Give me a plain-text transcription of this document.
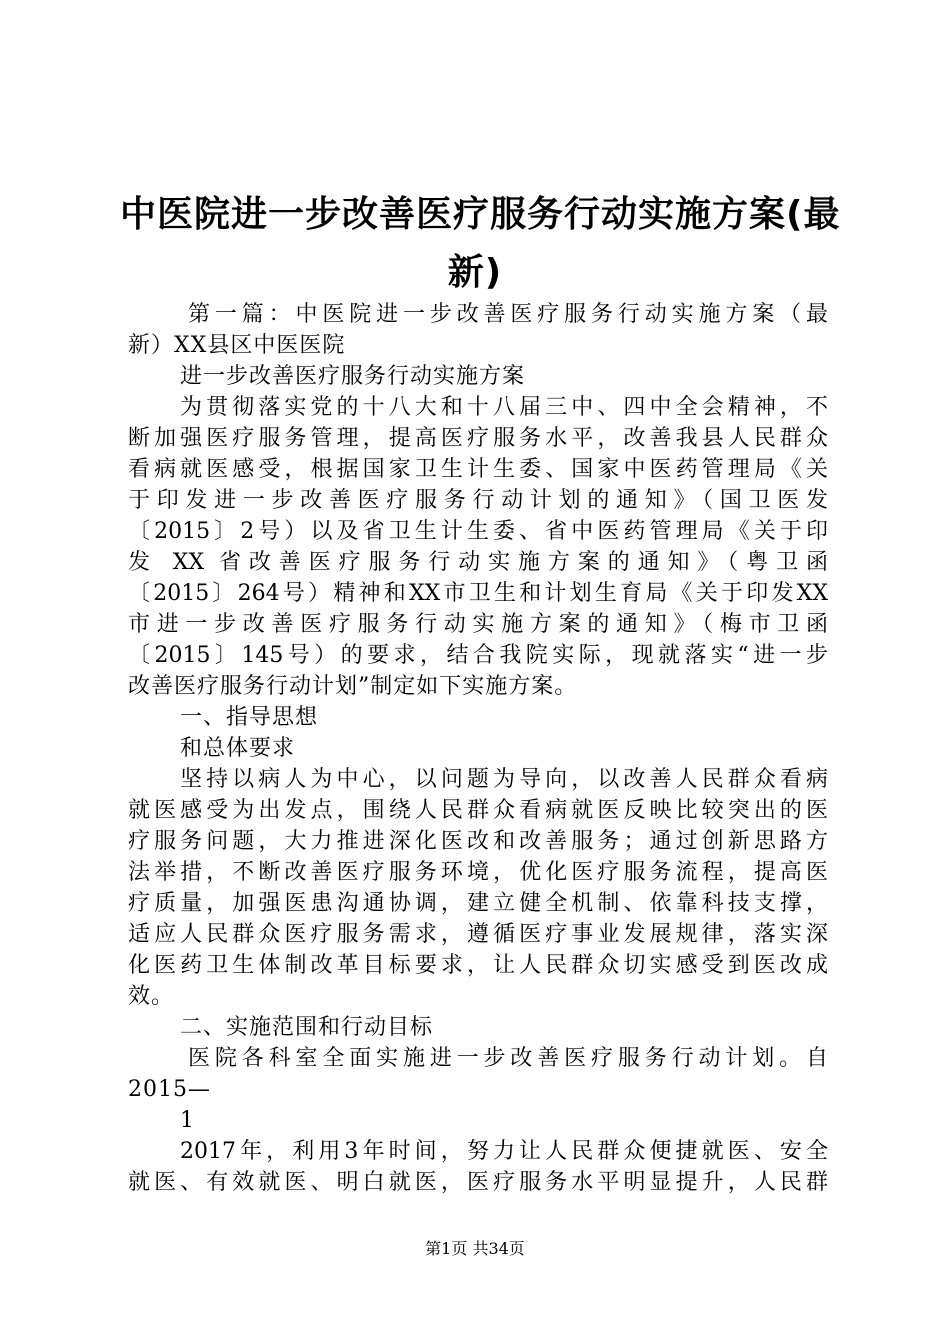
中医院进一步改善医疗服务行动实施方案(最
新)
第一篇：中医院进一步改善医疗服务行动实施方案（最
新）XX县区中医医院
进一步改善医疗服务行动实施方案
为贯彻落实党的十八大和十八届三中、四中全会精神，不
断加强医疗服务管理，提高医疗服务水平，改善我县人民群众
看病就医感受，根据国家卫生计生委、国家中医药管理局《关
于印发进一步改善医疗服务行动计划的通知》（国卫医发
〔2015〕2号）以及省卫生计生委、省中医药管理局《关于印
发 XX 省改善医疗服务行动实施方案的通知》（粤卫函
〔2015〕264号）精神和XX市卫生和计划生育局《关于印发XX
市进一步改善医疗服务行动实施方案的通知》（梅市卫函
〔2015〕145号）的要求，结合我院实际，现就落实“进一步
改善医疗服务行动计划”制定如下实施方案。
一、指导思想
和总体要求
坚持以病人为中心，以问题为导向，以改善人民群众看病
就医感受为出发点，围绕人民群众看病就医反映比较突出的医
疗服务问题，大力推进深化医改和改善服务；通过创新思路方
法举措，不断改善医疗服务环境，优化医疗服务流程，提高医
疗质量，加强医患沟通协调，建立健全机制、依靠科技支撑，
适应人民群众医疗服务需求，遵循医疗事业发展规律，落实深
化医药卫生体制改革目标要求，让人民群众切实感受到医改成
效。
二、实施范围和行动目标
医院各科室全面实施进一步改善医疗服务行动计划。自
2015—
1
2017年，利用3年时间，努力让人民群众便捷就医、安全
就医、有效就医、明白就医，医疗服务水平明显提升，人民群
第1页 共34页
